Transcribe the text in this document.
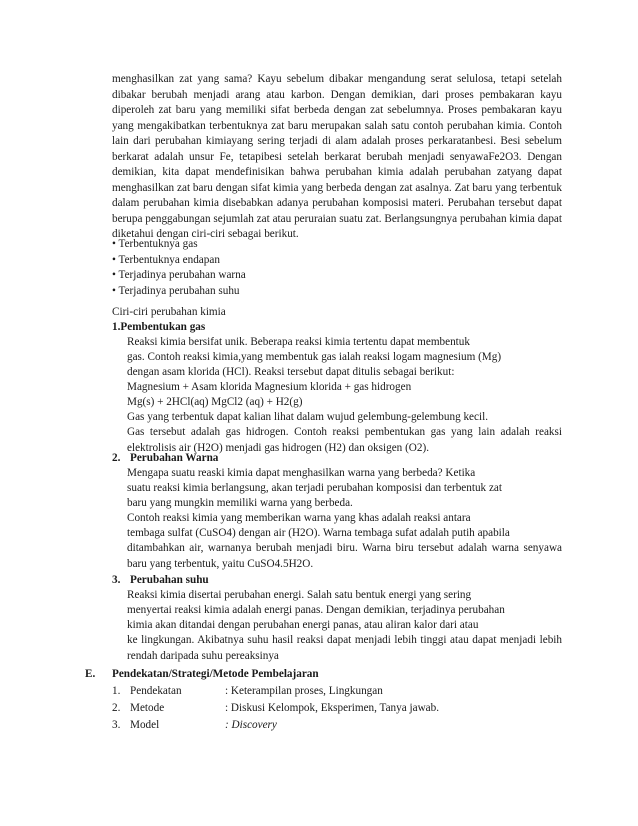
menghasilkan zat yang sama? Kayu sebelum dibakar mengandung serat selulosa, tetapi setelah dibakar berubah menjadi arang atau karbon. Dengan demikian, dari proses pembakaran kayu diperoleh zat baru yang memiliki sifat berbeda dengan zat sebelumnya. Proses pembakaran kayu yang mengakibatkan terbentuknya zat baru merupakan salah satu contoh perubahan kimia. Contoh lain dari perubahan kimiayang sering terjadi di alam adalah proses perkaratanbesi. Besi sebelum berkarat adalah unsur Fe, tetapibesi setelah berkarat berubah menjadi senyawaFe2O3. Dengan demikian, kita dapat mendefinisikan bahwa perubahan kimia adalah perubahan zatyang dapat menghasilkan zat baru dengan sifat kimia yang berbeda dengan zat asalnya. Zat baru yang terbentuk dalam perubahan kimia disebabkan adanya perubahan komposisi materi. Perubahan tersebut dapat berupa penggabungan sejumlah zat atau peruraian suatu zat. Berlangsungnya perubahan kimia dapat diketahui dengan ciri-ciri sebagai berikut.

• Terbentuknya gas
• Terbentuknya endapan
• Terjadinya perubahan warna
• Terjadinya perubahan suhu
Ciri-ciri perubahan kimia
1.Pembentukan gas
Reaksi kimia bersifat unik. Beberapa reaksi kimia tertentu dapat membentuk
gas. Contoh reaksi kimia,yang membentuk gas ialah reaksi logam magnesium (Mg)
dengan asam klorida (HCl). Reaksi tersebut dapat ditulis sebagai berikut:
Magnesium + Asam klorida Magnesium klorida + gas hidrogen
Mg(s) + 2HCl(aq) MgCl2 (aq) + H2(g)
Gas yang terbentuk dapat kalian lihat dalam wujud gelembung-gelembung kecil.

Gas tersebut adalah gas hidrogen. Contoh reaksi pembentukan gas yang lain adalah reaksi elektrolisis air (H2O) menjadi gas hidrogen (H2) dan oksigen (O2).

2. Perubahan Warna
Mengapa suatu reaski kimia dapat menghasilkan warna yang berbeda? Ketika
suatu reaksi kimia berlangsung, akan terjadi perubahan komposisi dan terbentuk zat
baru yang mungkin memiliki warna yang berbeda.
Contoh reaksi kimia yang memberikan warna yang khas adalah reaksi antara
tembaga sulfat (CuSO4) dengan air (H2O). Warna tembaga sufat adalah putih apabila

ditambahkan air, warnanya berubah menjadi biru. Warna biru tersebut adalah warna senyawa baru yang terbentuk, yaitu CuSO4.5H2O.

3. Perubahan suhu
Reaksi kimia disertai perubahan energi. Salah satu bentuk energi yang sering
menyertai reaksi kimia adalah energi panas. Dengan demikian, terjadinya perubahan
kimia akan ditandai dengan perubahan energi panas, atau aliran kalor dari atau

ke lingkungan. Akibatnya suhu hasil reaksi dapat menjadi lebih tinggi atau dapat menjadi lebih rendah daripada suhu pereaksinya

E. Pendekatan/Strategi/Metode Pembelajaran
1. Pendekatan	: Keterampilan proses, Lingkungan
2. Metode	: Diskusi Kelompok, Eksperimen, Tanya jawab.
3. Model	: Discovery
